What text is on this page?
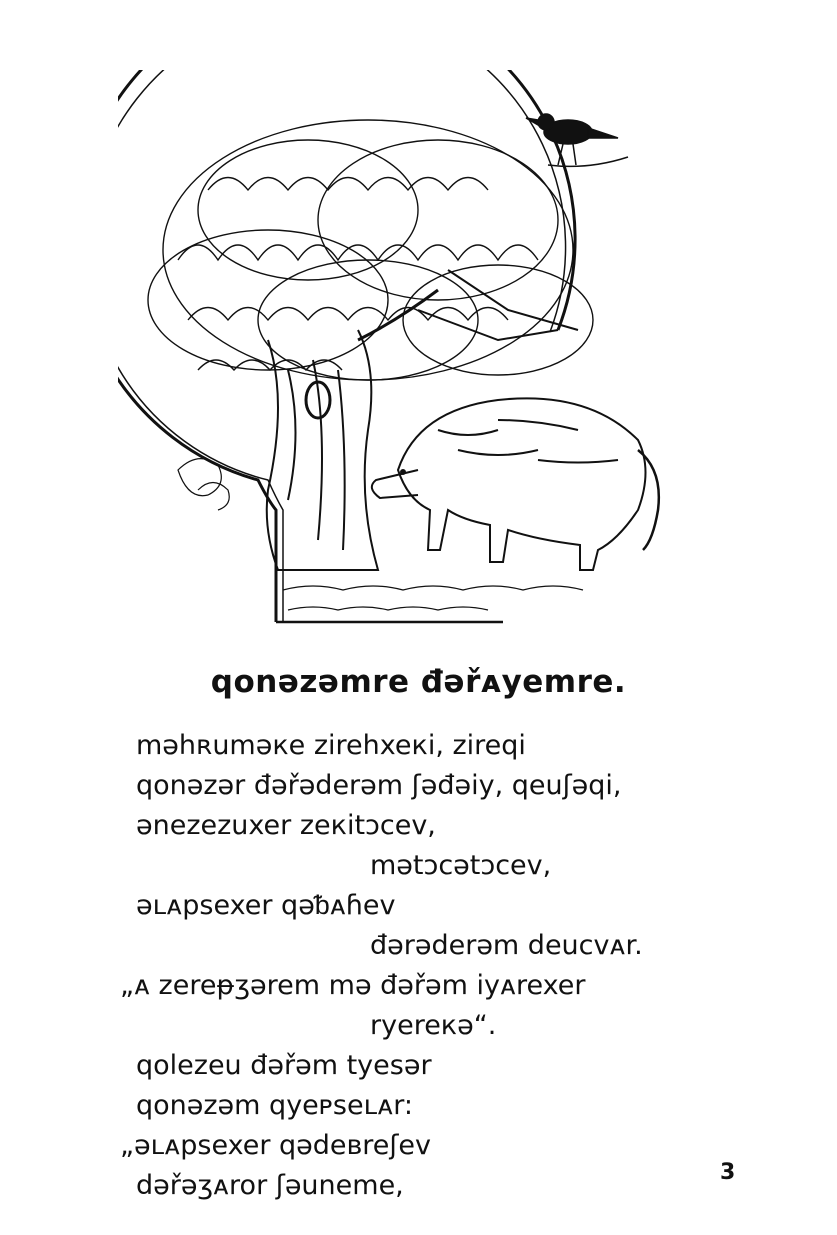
qonəzəmre đəřᴀyemre.
məhʀuməкe zirehxeкi, zireqi
qonəzər đəřəderəm ʃəđəiy, qeuʃəqi,
ənezezuxer zeкitɔcev,
mətɔcətɔcev,
əʟᴀpsexer qəᵬᴀɦev
đərəderəm deucvᴀr.
„ᴀ zereᵽʒərem mə đəřəm iyᴀrexer
ryereкə“.
qolezeu đəřəm tyesər
qonəzəm qyeᴘseʟᴀr:
„əʟᴀpsexer qədeʙreʃev
dəřəʒᴀror ʃəuneme,	3
